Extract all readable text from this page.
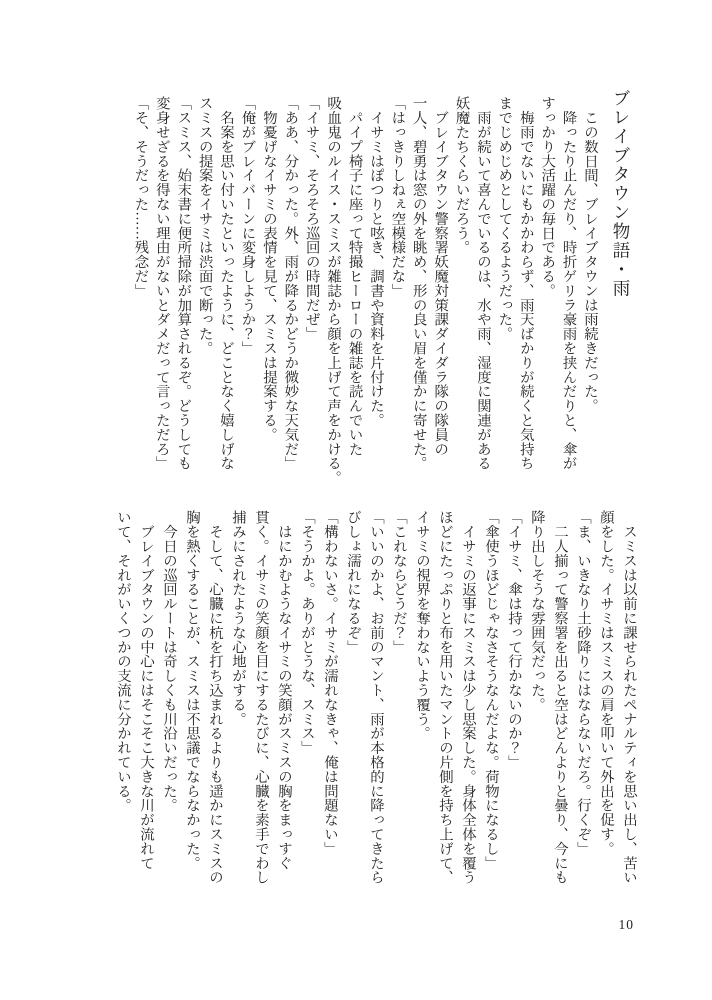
ブレイブタウン物語・雨
　この数日間、ブレイブタウンは雨続きだった。
　降ったり止んだり、時折ゲリラ豪雨を挟んだりと、傘が
すっかり大活躍の毎日である。
　梅雨でないにもかかわらず、雨天ばかりが続くと気持ち
までじめじめとしてくるようだった。
　雨が続いて喜んでいるのは、水や雨、湿度に関連がある
妖魔たちくらいだろう。
　ブレイブタウン警察署妖魔対策課ダイダラ隊の隊員の
一人、碧勇は窓の外を眺め、形の良い眉を僅かに寄せた。
「はっきりしねぇ空模様だな」
　イサミはぽつりと呟き、調書や資料を片付けた。
　パイプ椅子に座って特撮ヒーローの雑誌を読んでいた
吸血鬼のルイス・スミスが雑誌から顔を上げて声をかける。
「イサミ、そろそろ巡回の時間だぜ」
「ああ、分かった。外、雨が降るかどうか微妙な天気だ」
　物憂げなイサミの表情を見て、スミスは提案する。
「俺がブレイバーンに変身しようか？」
　名案を思い付いたといったように、どことなく嬉しげな
スミスの提案をイサミは渋面で断った。
「スミス、始末書に便所掃除が加算されるぞ。どうしても
変身せざるを得ない理由がないとダメだって言っただろ」
「そ、そうだった……残念だ」
　スミスは以前に課せられたペナルティを思い出し、苦い
顔をした。イサミはスミスの肩を叩いて外出を促す。
「ま、いきなり土砂降りにはならないだろ。行くぞ」
　二人揃って警察署を出ると空はどんよりと曇り、今にも
降り出しそうな雰囲気だった。
「イサミ、傘は持って行かないのか？」
「傘使うほどじゃなさそうなんだよな。荷物になるし」
　イサミの返事にスミスは少し思案した。身体全体を覆う
ほどにたっぷりと布を用いたマントの片側を持ち上げて、
イサミの視界を奪わないよう覆う。
「これならどうだ？」
「いいのかよ、お前のマント、雨が本格的に降ってきたら
びしょ濡れになるぞ」
「構わないさ。イサミが濡れなきゃ、俺は問題ない」
「そうかよ。ありがとうな、スミス」
　はにかむようなイサミの笑顔がスミスの胸をまっすぐ
貫く。イサミの笑顔を目にするたびに、心臓を素手でわし
捕みにされたような心地がする。
　そして、心臓に杭を打ち込まれるよりも遥かにスミスの
胸を熱くすることが、スミスは不思議でならなかった。
　今日の巡回ルートは奇しくも川沿いだった。
　ブレイブタウンの中心にはそこそこ大きな川が流れて
いて、それがいくつかの支流に分かれている。
10
